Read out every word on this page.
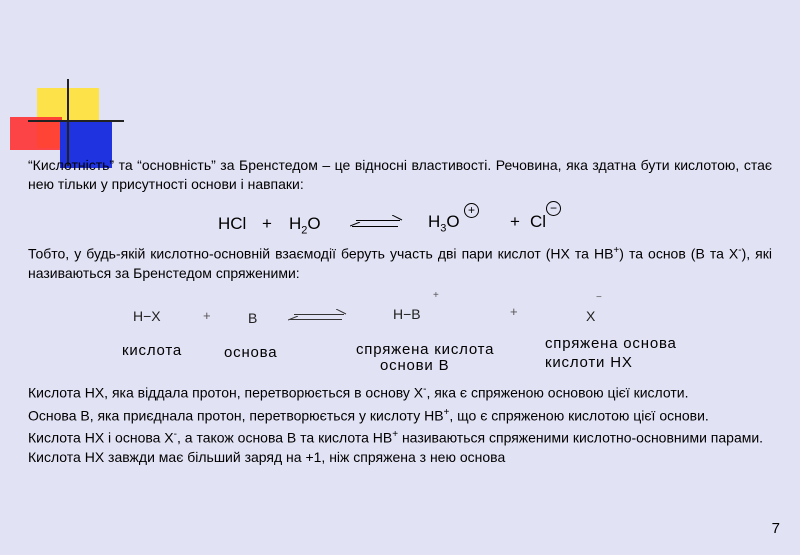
“Кислотність” та “основність” за Бренстедом – це відносні властивості. Речовина, яка здатна бути кислотою, стає нею тільки у присутності основи і навпаки:
HCl + $H_2O$	$H_3O$
+
+ Cl
−
Тобто, у будь-якій кислотно-основній взаємодії беруть участь дві пари кислот (НХ та НВ+) та основ (В та Х-), які називаються за Бренстедом спряженими:
H−X	+	B	H−B
+
+	X
−
кислота	основа	спряжена кислота
основи В
спряжена основа
кислоти НХ

Кислота НХ, яка віддала протон, перетворюється в основу Х-, яка є спряженою основою цієї кислоти.

Основа В, яка приєднала протон, перетворюється у кислоту НВ+, що є спряженою кислотою цієї основи.

Кислота НХ і основа Х-, а також основа В та кислота НВ+ називаються спряженими кислотно-основними парами.

Кислота НХ завжди має більший заряд на +1, ніж спряжена з нею основа

7
